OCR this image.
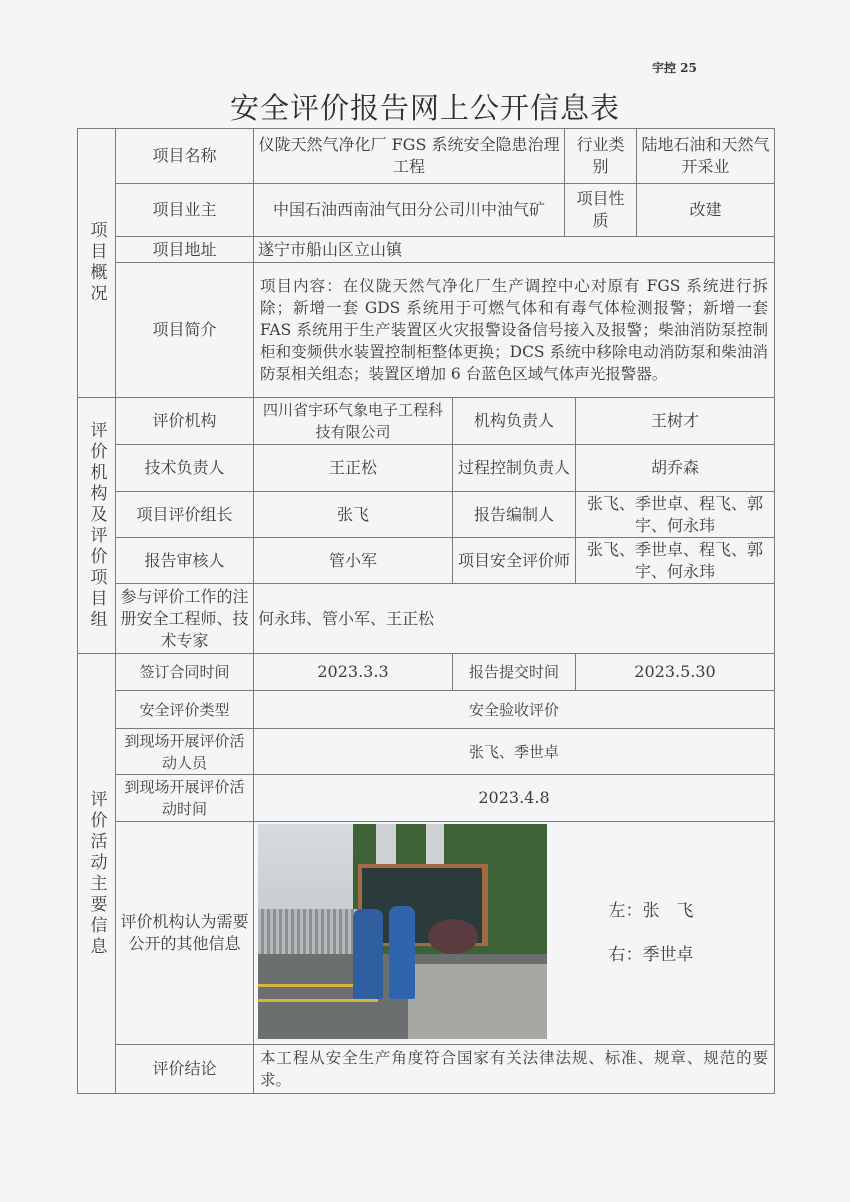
宇控 25
安全评价报告网上公开信息表
项目概况	项目名称	仪陇天然气净化厂 FGS 系统安全隐患治理工程		行业类别		陆地石油和天然气开采业
	项目业主	中国石油西南油气田分公司川中油气矿		项目性质		改建
	项目地址	遂宁市船山区立山镇				
	项目简介	项目内容：在仪陇天然气净化厂生产调控中心对原有 FGS 系统进行拆除；新增一套 GDS 系统用于可燃气体和有毒气体检测报警；新增一套 FAS 系统用于生产装置区火灾报警设备信号接入及报警；柴油消防泵控制柜和变频供水装置控制柜整体更换；DCS 系统中移除电动消防泵和柴油消防泵相关组态；装置区增加 6 台蓝色区域气体声光报警器。				
评价机构及评价项目组	评价机构	四川省宇环气象电子工程科技有限公司	机构负责人		王树才	
	技术负责人	王正松	过程控制负责人		胡乔森	
	项目评价组长	张飞	报告编制人		张飞、季世卓、程飞、郭宇、何永玮	
	报告审核人	管小军	项目安全评价师		张飞、季世卓、程飞、郭宇、何永玮	
	参与评价工作的注册安全工程师、技术专家	何永玮、管小军、王正松				
评价活动主要信息	签订合同时间	2023.3.3	报告提交时间		2023.5.30	
	安全评价类型	安全验收评价				
	到现场开展评价活动人员	张飞、季世卓				
	到现场开展评价活动时间	2023.4.8				
	评价机构认为需要公开的其他信息			左：张　飞
右：季世卓		

	评价结论	本工程从安全生产角度符合国家有关法律法规、标准、规章、规范的要求。				
